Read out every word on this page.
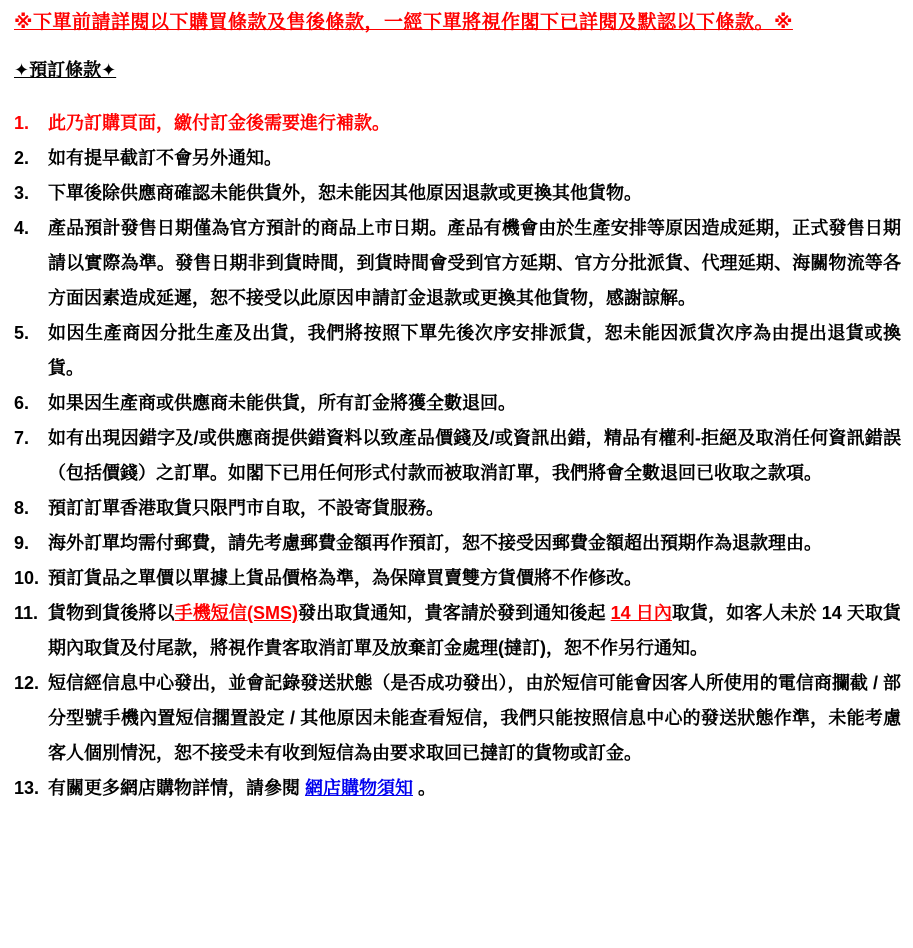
※下單前請詳閱以下購買條款及售後條款，一經下單將視作閣下已詳閱及默認以下條款。※
✦預訂條款✦
1.	此乃訂購頁面，繳付訂金後需要進行補款。
2.	如有提早截訂不會另外通知。
3.	下單後除供應商確認未能供貨外，恕未能因其他原因退款或更換其他貨物。
4.	產品預計發售日期僅為官方預計的商品上市日期。產品有機會由於生產安排等原因造成延期，正式發售日期請以實際為準。發售日期非到貨時間，到貨時間會受到官方延期、官方分批派貨、代理延期、海關物流等各方面因素造成延遲，恕不接受以此原因申請訂金退款或更換其他貨物，感謝諒解。
5.	如因生產商因分批生產及出貨，我們將按照下單先後次序安排派貨，恕未能因派貨次序為由提出退貨或換貨。
6.	如果因生產商或供應商未能供貨，所有訂金將獲全數退回。
7.	如有出現因錯字及/或供應商提供錯資料以致產品價錢及/或資訊出錯，精品有權利-拒絕及取消任何資訊錯誤（包括價錢）之訂單。如閣下已用任何形式付款而被取消訂單，我們將會全數退回已收取之款項。
8.	預訂訂單香港取貨只限門市自取，不設寄貨服務。
9.	海外訂單均需付郵費，請先考慮郵費金額再作預訂，恕不接受因郵費金額超出預期作為退款理由。
10. 預訂貨品之單價以單據上貨品價格為準，為保障買賣雙方貨價將不作修改。
11. 貨物到貨後將以手機短信(SMS)發出取貨通知，貴客請於發到通知後起 14 日內取貨，如客人未於 14 天取貨期內取貨及付尾款，將視作貴客取消訂單及放棄訂金處理(撻訂)，恕不作另行通知。
12. 短信經信息中心發出，並會記錄發送狀態（是否成功發出），由於短信可能會因客人所使用的電信商攔截 / 部分型號手機內置短信擱置設定 / 其他原因未能查看短信，我們只能按照信息中心的發送狀態作準，未能考慮客人個別情況，恕不接受未有收到短信為由要求取回已撻訂的貨物或訂金。
13. 有關更多網店購物詳情，請參閱 網店購物須知 。
